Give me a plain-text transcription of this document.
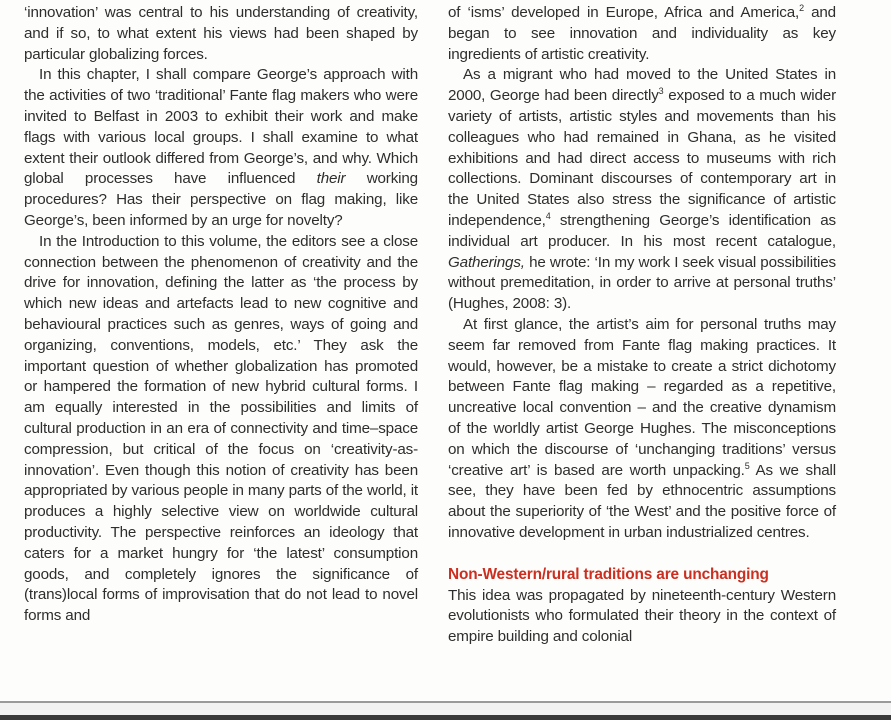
‘innovation’ was central to his understanding of creativity, and if so, to what extent his views had been shaped by particular globalizing forces.

In this chapter, I shall compare George’s approach with the activities of two ‘traditional’ Fante flag makers who were invited to Belfast in 2003 to exhibit their work and make flags with various local groups. I shall examine to what extent their outlook differed from George’s, and why. Which global processes have influenced their working procedures? Has their perspective on flag making, like George’s, been informed by an urge for novelty?

In the Introduction to this volume, the editors see a close connection between the phenomenon of creativity and the drive for innovation, defining the latter as ‘the process by which new ideas and artefacts lead to new cognitive and behavioural practices such as genres, ways of going and organizing, conventions, models, etc.’ They ask the important question of whether globalization has promoted or hampered the formation of new hybrid cultural forms. I am equally interested in the possibilities and limits of cultural production in an era of connectivity and time–space compression, but critical of the focus on ‘creativity-as-innovation’. Even though this notion of creativity has been appropriated by various people in many parts of the world, it produces a highly selective view on worldwide cultural productivity. The perspective reinforces an ideology that caters for a market hungry for ‘the latest’ consumption goods, and completely ignores the significance of (trans)local forms of improvisation that do not lead to novel forms and

of ‘isms’ developed in Europe, Africa and America,$^2$ and began to see innovation and individuality as key ingredients of artistic creativity.

As a migrant who had moved to the United States in 2000, George had been directly$^3$ exposed to a much wider variety of artists, artistic styles and movements than his colleagues who had remained in Ghana, as he visited exhibitions and had direct access to museums with rich collections. Dominant discourses of contemporary art in the United States also stress the significance of artistic independence,$^4$ strengthening George’s identification as individual art producer. In his most recent catalogue, Gatherings, he wrote: ‘In my work I seek visual possibilities without premeditation, in order to arrive at personal truths’ (Hughes, 2008: 3).

At first glance, the artist’s aim for personal truths may seem far removed from Fante flag making practices. It would, however, be a mistake to create a strict dichotomy between Fante flag making – regarded as a repetitive, uncreative local convention – and the creative dynamism of the worldly artist George Hughes. The misconceptions on which the discourse of ‘unchanging traditions’ versus ‘creative art’ is based are worth unpacking.$^5$ As we shall see, they have been fed by ethnocentric assumptions about the superiority of ‘the West’ and the positive force of innovative development in urban industrialized centres.

Non-Western/rural traditions are unchanging

This idea was propagated by nineteenth-century Western evolutionists who formulated their theory in the context of empire building and colonial
